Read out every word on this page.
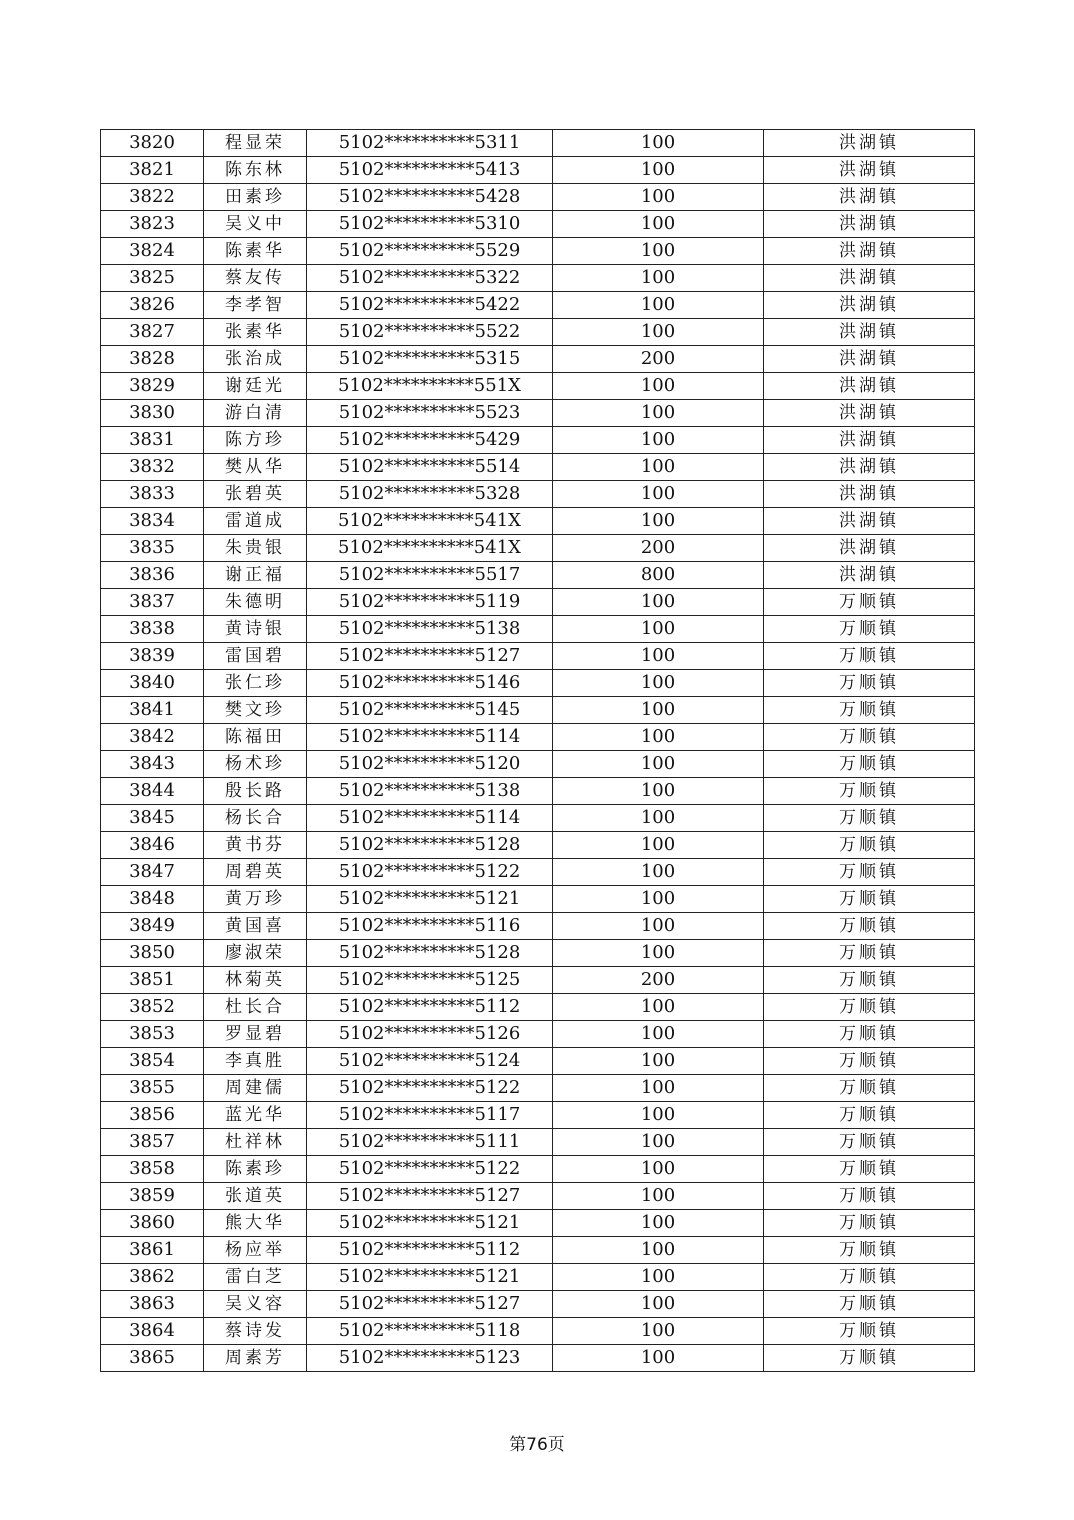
3820	程显荣	5102**********5311	100	洪湖镇
3821	陈东林	5102**********5413	100	洪湖镇
3822	田素珍	5102**********5428	100	洪湖镇
3823	吴义中	5102**********5310	100	洪湖镇
3824	陈素华	5102**********5529	100	洪湖镇
3825	蔡友传	5102**********5322	100	洪湖镇
3826	李孝智	5102**********5422	100	洪湖镇
3827	张素华	5102**********5522	100	洪湖镇
3828	张治成	5102**********5315	200	洪湖镇
3829	谢廷光	5102**********551X	100	洪湖镇
3830	游白清	5102**********5523	100	洪湖镇
3831	陈方珍	5102**********5429	100	洪湖镇
3832	樊从华	5102**********5514	100	洪湖镇
3833	张碧英	5102**********5328	100	洪湖镇
3834	雷道成	5102**********541X	100	洪湖镇
3835	朱贵银	5102**********541X	200	洪湖镇
3836	谢正福	5102**********5517	800	洪湖镇
3837	朱德明	5102**********5119	100	万顺镇
3838	黄诗银	5102**********5138	100	万顺镇
3839	雷国碧	5102**********5127	100	万顺镇
3840	张仁珍	5102**********5146	100	万顺镇
3841	樊文珍	5102**********5145	100	万顺镇
3842	陈福田	5102**********5114	100	万顺镇
3843	杨术珍	5102**********5120	100	万顺镇
3844	殷长路	5102**********5138	100	万顺镇
3845	杨长合	5102**********5114	100	万顺镇
3846	黄书芬	5102**********5128	100	万顺镇
3847	周碧英	5102**********5122	100	万顺镇
3848	黄万珍	5102**********5121	100	万顺镇
3849	黄国喜	5102**********5116	100	万顺镇
3850	廖淑荣	5102**********5128	100	万顺镇
3851	林菊英	5102**********5125	200	万顺镇
3852	杜长合	5102**********5112	100	万顺镇
3853	罗显碧	5102**********5126	100	万顺镇
3854	李真胜	5102**********5124	100	万顺镇
3855	周建儒	5102**********5122	100	万顺镇
3856	蓝光华	5102**********5117	100	万顺镇
3857	杜祥林	5102**********5111	100	万顺镇
3858	陈素珍	5102**********5122	100	万顺镇
3859	张道英	5102**********5127	100	万顺镇
3860	熊大华	5102**********5121	100	万顺镇
3861	杨应举	5102**********5112	100	万顺镇
3862	雷白芝	5102**********5121	100	万顺镇
3863	吴义容	5102**********5127	100	万顺镇
3864	蔡诗发	5102**********5118	100	万顺镇
3865	周素芳	5102**********5123	100	万顺镇
第76页
